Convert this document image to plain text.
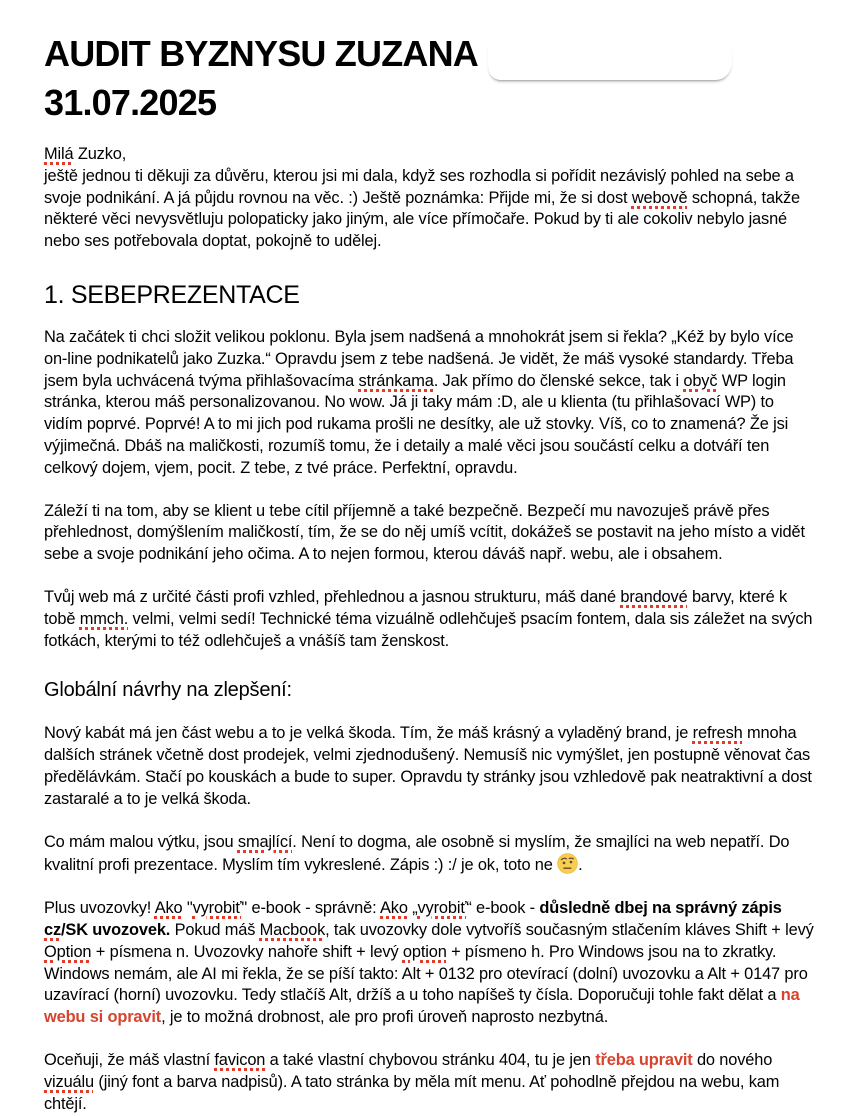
AUDIT BYZNYSU ZUZANA
31.07.2025

Milá Zuzko,
ještě jednou ti děkuji za důvěru, kterou jsi mi dala, když ses rozhodla si pořídit nezávislý pohled na sebe a svoje podnikání. A já půjdu rovnou na věc. :) Ještě poznámka: Přijde mi, že si dost webově schopná, takže některé věci nevysvětluju polopaticky jako jiným, ale více přímočaře. Pokud by ti ale cokoliv nebylo jasné nebo ses potřebovala doptat, pokojně to udělej.

1. SEBEPREZENTACE

Na začátek ti chci složit velikou poklonu. Byla jsem nadšená a mnohokrát jsem si řekla? „Kéž by bylo více on-line podnikatelů jako Zuzka.“ Opravdu jsem z tebe nadšená. Je vidět, že máš vysoké standardy. Třeba jsem byla uchvácená tvýma přihlašovacíma stránkama. Jak přímo do členské sekce, tak i obyč WP login stránka, kterou máš personalizovanou. No wow. Já ji taky mám :D, ale u klienta (tu přihlašovací WP) to vidím poprvé. Poprvé! A to mi jich pod rukama prošli ne desítky, ale už stovky. Víš, co to znamená? Že jsi výjimečná. Dbáš na maličkosti, rozumíš tomu, že i detaily a malé věci jsou součástí celku a dotváří ten celkový dojem, vjem, pocit. Z tebe, z tvé práce. Perfektní, opravdu.

Záleží ti na tom, aby se klient u tebe cítil příjemně a také bezpečně. Bezpečí mu navozuješ právě přes přehlednost, domýšlením maličkostí, tím, že se do něj umíš vcítit, dokážeš se postavit na jeho místo a vidět sebe a svoje podnikání jeho očima. A to nejen formou, kterou dáváš např. webu, ale i obsahem.

Tvůj web má z určité části profi vzhled, přehlednou a jasnou strukturu, máš dané brandové barvy, které k tobě mmch. velmi, velmi sedí! Technické téma vizuálně odlehčuješ psacím fontem, dala sis záležet na svých fotkách, kterými to též odlehčuješ a vnášíš tam ženskost.

Globální návrhy na zlepšení:

Nový kabát má jen část webu a to je velká škoda. Tím, že máš krásný a vyladěný brand, je refresh mnoha dalších stránek včetně dost prodejek, velmi zjednodušený. Nemusíš nic vymýšlet, jen postupně věnovat čas předělávkám. Stačí po kouskách a bude to super. Opravdu ty stránky jsou vzhledově pak neatraktivní a dost zastaralé a to je velká škoda.

Co mám malou výtku, jsou smajlící. Není to dogma, ale osobně si myslím, že smajlíci na web nepatří. Do kvalitní profi prezentace. Myslím tím vykreslené. Zápis :) :/ je ok, toto ne
.

Plus uvozovky! Ako "vyrobiť" e-book - správně: Ako „vyrobiť“ e-book - důsledně dbej na správný zápis cz/SK uvozovek. Pokud máš Macbook, tak uvozovky dole vytvoříš současným stlačením kláves Shift + levý Option + písmena n. Uvozovky nahoře shift + levý option + písmeno h. Pro Windows jsou na to zkratky. Windows nemám, ale AI mi řekla, že se píší takto: Alt + 0132 pro otevírací (dolní) uvozovku a Alt + 0147 pro uzavírací (horní) uvozovku. Tedy stlačíš Alt, držíš a u toho napíšeš ty čísla. Doporučuji tohle fakt dělat a na webu si opravit, je to možná drobnost, ale pro profi úroveň naprosto nezbytná.

Oceňuji, že máš vlastní favicon a také vlastní chybovou stránku 404, tu je jen třeba upravit do nového vizuálu (jiný font a barva nadpisů). A tato stránka by měla mít menu. Ať pohodlně přejdou na webu, kam chtějí.
